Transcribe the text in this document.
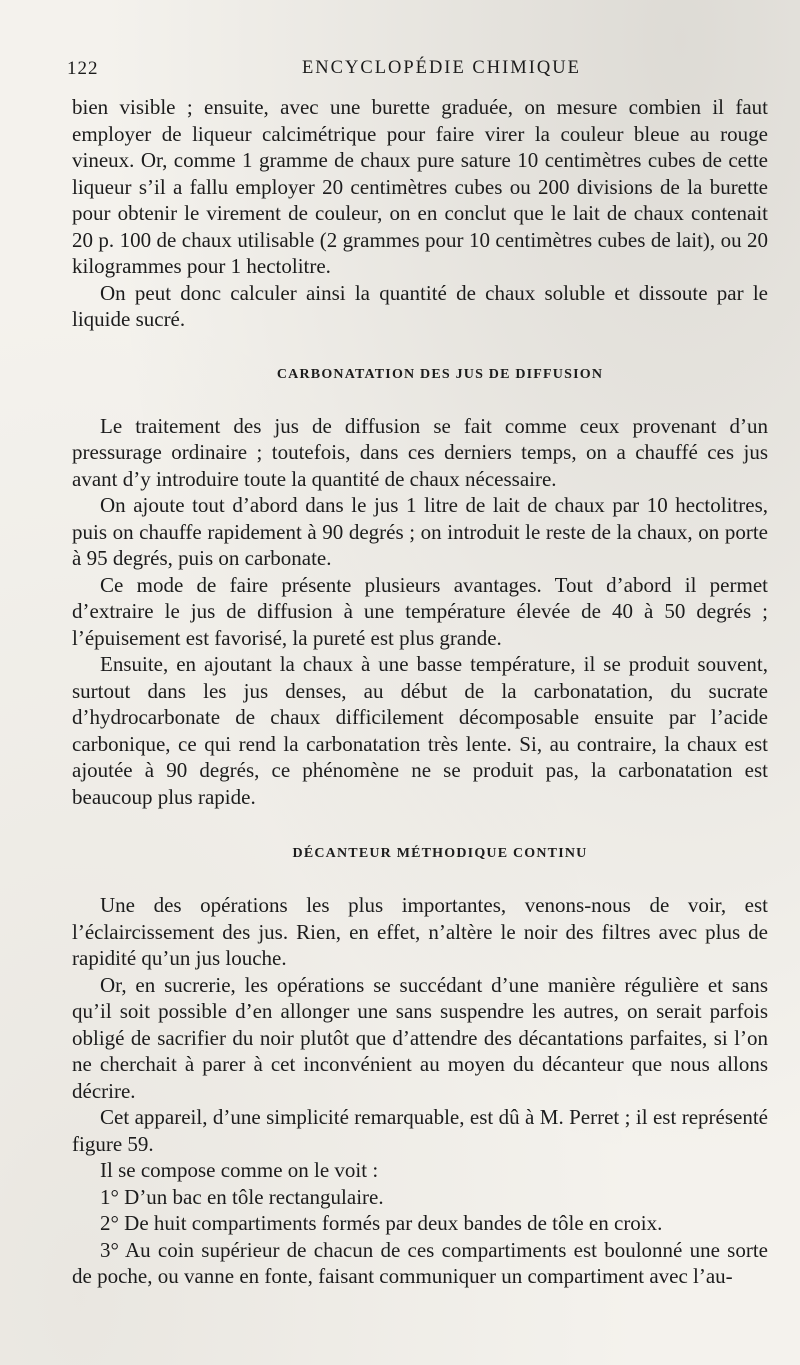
122	ENCYCLOPÉDIE CHIMIQUE

bien visible ; ensuite, avec une burette graduée, on mesure combien il faut employer de liqueur calcimétrique pour faire virer la couleur bleue au rouge vineux. Or, comme 1 gramme de chaux pure sature 10 centimètres cubes de cette liqueur s’il a fallu employer 20 centimètres cubes ou 200 divisions de la burette pour obtenir le virement de couleur, on en conclut que le lait de chaux contenait 20 p. 100 de chaux utilisable (2 grammes pour 10 centimètres cubes de lait), ou 20 kilogrammes pour 1 hectolitre.

On peut donc calculer ainsi la quantité de chaux soluble et dissoute par le liquide sucré.

CARBONATATION DES JUS DE DIFFUSION

Le traitement des jus de diffusion se fait comme ceux provenant d’un pressurage ordinaire ; toutefois, dans ces derniers temps, on a chauffé ces jus avant d’y introduire toute la quantité de chaux nécessaire.

On ajoute tout d’abord dans le jus 1 litre de lait de chaux par 10 hectolitres, puis on chauffe rapidement à 90 degrés ; on introduit le reste de la chaux, on porte à 95 degrés, puis on carbonate.

Ce mode de faire présente plusieurs avantages. Tout d’abord il permet d’extraire le jus de diffusion à une température élevée de 40 à 50 degrés ; l’épuisement est favorisé, la pureté est plus grande.

Ensuite, en ajoutant la chaux à une basse température, il se produit souvent, surtout dans les jus denses, au début de la carbonatation, du sucrate d’hydrocarbonate de chaux difficilement décomposable ensuite par l’acide carbonique, ce qui rend la carbonatation très lente. Si, au contraire, la chaux est ajoutée à 90 degrés, ce phénomène ne se produit pas, la carbonatation est beaucoup plus rapide.

DÉCANTEUR MÉTHODIQUE CONTINU

Une des opérations les plus importantes, venons-nous de voir, est l’éclaircissement des jus. Rien, en effet, n’altère le noir des filtres avec plus de rapidité qu’un jus louche.

Or, en sucrerie, les opérations se succédant d’une manière régulière et sans qu’il soit possible d’en allonger une sans suspendre les autres, on serait parfois obligé de sacrifier du noir plutôt que d’attendre des décantations parfaites, si l’on ne cherchait à parer à cet inconvénient au moyen du décanteur que nous allons décrire.

Cet appareil, d’une simplicité remarquable, est dû à M. Perret ; il est représenté figure 59.

Il se compose comme on le voit :

1° D’un bac en tôle rectangulaire.

2° De huit compartiments formés par deux bandes de tôle en croix.

3° Au coin supérieur de chacun de ces compartiments est boulonné une sorte de poche, ou vanne en fonte, faisant communiquer un compartiment avec l’au-
